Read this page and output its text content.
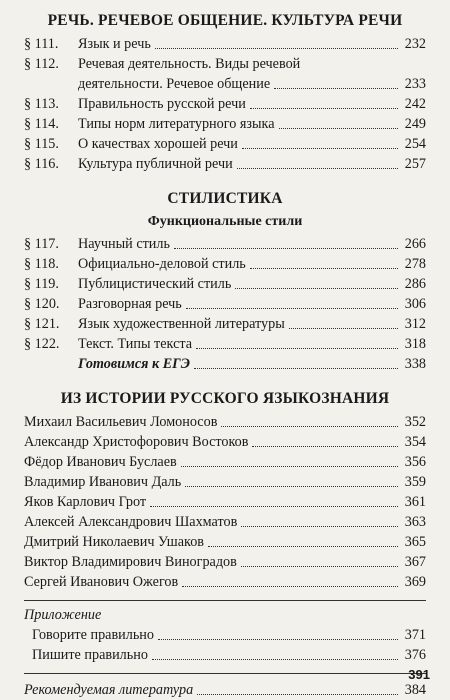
РЕЧЬ. РЕЧЕВОЕ ОБЩЕНИЕ. КУЛЬТУРА РЕЧИ
§ 111.	Язык и речь	232
§ 112.	Речевая деятельность. Виды речевой
деятельности. Речевое общение	233
§ 113.	Правильность русской речи	242
§ 114.	Типы норм литературного языка	249
§ 115.	О качествах хорошей речи	254
§ 116.	Культура публичной речи	257
СТИЛИСТИКА
Функциональные стили
§ 117.	Научный стиль	266
§ 118.	Официально-деловой стиль	278
§ 119.	Публицистический стиль	286
§ 120.	Разговорная речь	306
§ 121.	Язык художественной литературы	312
§ 122.	Текст. Типы текста	318
Готовимся к ЕГЭ	338
ИЗ ИСТОРИИ РУССКОГО ЯЗЫКОЗНАНИЯ
Михаил Васильевич Ломоносов	352
Александр Христофорович Востоков	354
Фёдор Иванович Буслаев	356
Владимир Иванович Даль	359
Яков Карлович Грот	361
Алексей Александрович Шахматов	363
Дмитрий Николаевич Ушаков	365
Виктор Владимирович Виноградов	367
Сергей Иванович Ожегов	369
Приложение
Говорите правильно	371
Пишите правильно	376
Рекомендуемая литература	384
391
